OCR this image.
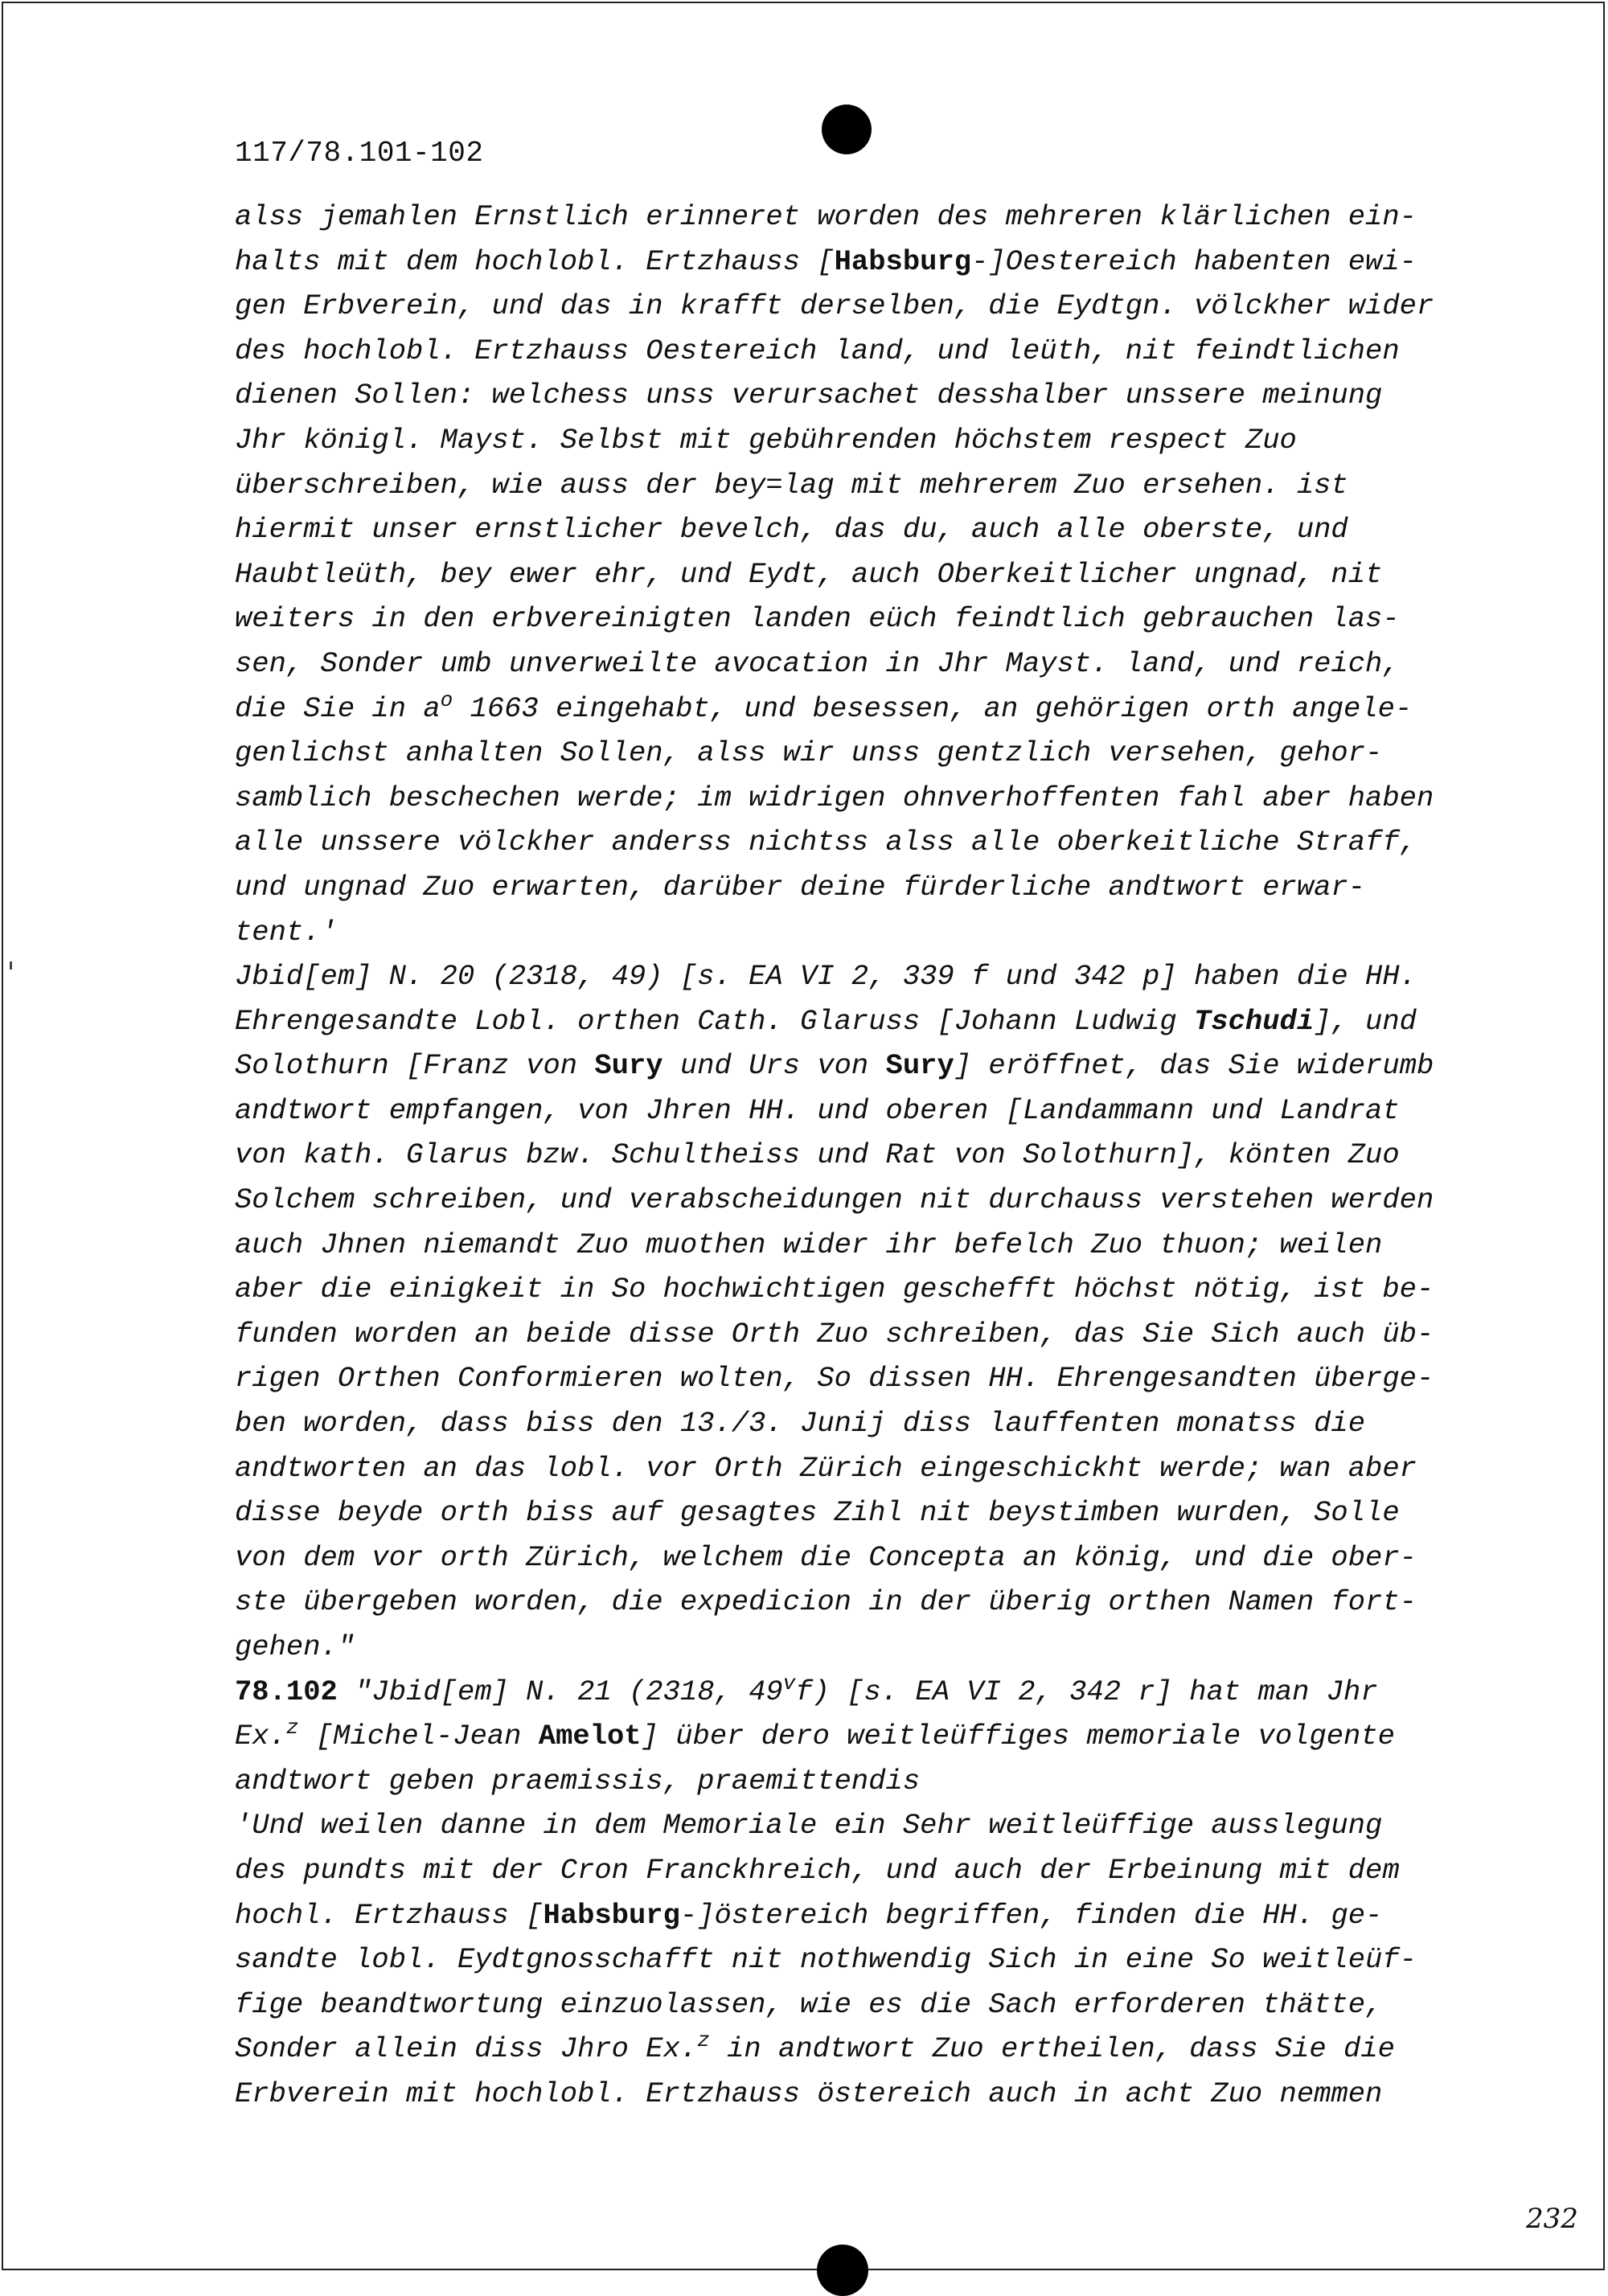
117/78.101-102
alss jemahlen Ernstlich erinneret worden des mehreren klärlichen ein-
halts mit dem hochlobl. Ertzhauss [Habsburg-]Oestereich habenten ewi-
gen Erbverein, und das in krafft derselben, die Eydtgn. völckher wider
des hochlobl. Ertzhauss Oestereich land, und leüth, nit feindtlichen
dienen Sollen: welchess unss verursachet desshalber unssere meinung
Jhr königl. Mayst. Selbst mit gebührenden höchstem respect Zuo
überschreiben, wie auss der bey=lag mit mehrerem Zuo ersehen. ist
hiermit unser ernstlicher bevelch, das du, auch alle oberste, und
Haubtleüth, bey ewer ehr, und Eydt, auch Oberkeitlicher ungnad, nit
weiters in den erbvereinigten landen eüch feindtlich gebrauchen las-
sen, Sonder umb unverweilte avocation in Jhr Mayst. land, und reich,
die Sie in $a^o$ 1663 eingehabt, und besessen, an gehörigen orth angele-
genlichst anhalten Sollen, alss wir unss gentzlich versehen, gehor-
samblich beschechen werde; im widrigen ohnverhoffenten fahl aber haben
alle unssere völckher anderss nichtss alss alle oberkeitliche Straff,
und ungnad Zuo erwarten, darüber deine fürderliche andtwort erwar-
tent.'
Jbid[em] N. 20 (2318, 49) [s. EA VI 2, 339 f und 342 p] haben die HH.
Ehrengesandte Lobl. orthen Cath. Glaruss [Johann Ludwig Tschudi], und
Solothurn [Franz von Sury und Urs von Sury] eröffnet, das Sie widerumb
andtwort empfangen, von Jhren HH. und oberen [Landammann und Landrat
von kath. Glarus bzw. Schultheiss und Rat von Solothurn], könten Zuo
Solchem schreiben, und verabscheidungen nit durchauss verstehen werden
auch Jhnen niemandt Zuo muothen wider ihr befelch Zuo thuon; weilen
aber die einigkeit in So hochwichtigen geschefft höchst nötig, ist be-
funden worden an beide disse Orth Zuo schreiben, das Sie Sich auch üb-
rigen Orthen Conformieren wolten, So dissen HH. Ehrengesandten überge-
ben worden, dass biss den 13./3. Junij diss lauffenten monatss die
andtworten an das lobl. vor Orth Zürich eingeschickht werde; wan aber
disse beyde orth biss auf gesagtes Zihl nit beystimben wurden, Solle
von dem vor orth Zürich, welchem die Concepta an könig, und die ober-
ste übergeben worden, die expedicion in der überig orthen Namen fort-
gehen."
78.102 "Jbid[em] N. 21 (2318, 49$^v$f) [s. EA VI 2, 342 r] hat man Jhr
Ex.$^z$ [Michel-Jean Amelot] über dero weitleüffiges memoriale volgente
andtwort geben praemissis, praemittendis
'Und weilen danne in dem Memoriale ein Sehr weitleüffige ausslegung
des pundts mit der Cron Franckhreich, und auch der Erbeinung mit dem
hochl. Ertzhauss [Habsburg-]östereich begriffen, finden die HH. ge-
sandte lobl. Eydtgnosschafft nit nothwendig Sich in eine So weitleüf-
fige beandtwortung einzuolassen, wie es die Sach erforderen thätte,
Sonder allein diss Jhro Ex.$^z$ in andtwort Zuo ertheilen, dass Sie die
Erbverein mit hochlobl. Ertzhauss östereich auch in acht Zuo nemmen
232
